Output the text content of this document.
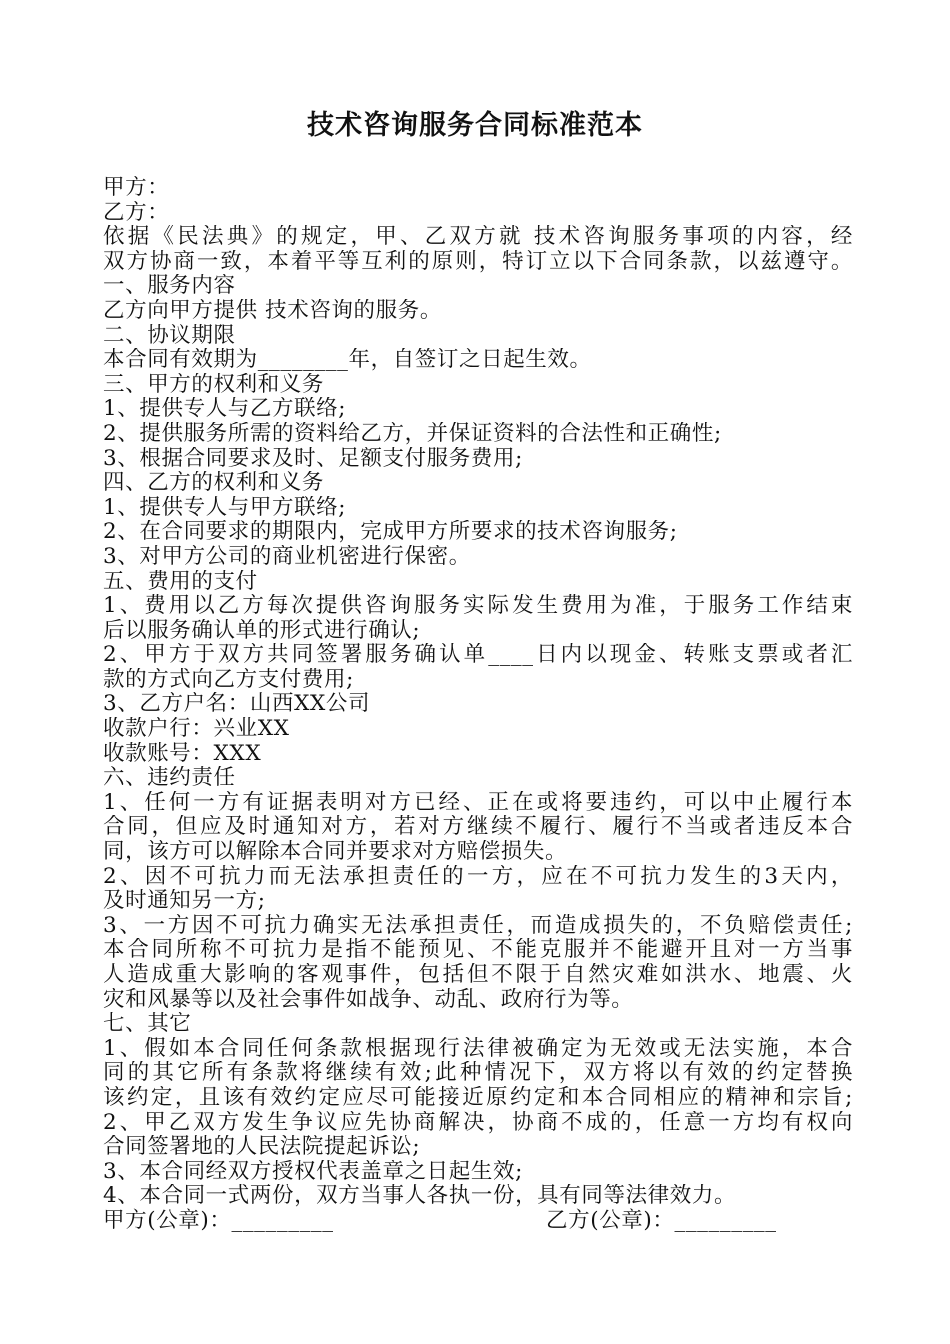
技术咨询服务合同标准范本
甲方：
乙方：
依据《民法典》的规定，甲、乙双方就 技术咨询服务事项的内容，经
双方协商一致，本着平等互利的原则，特订立以下合同条款，以兹遵守。
一、服务内容
乙方向甲方提供 技术咨询的服务。
二、协议期限
本合同有效期为________年，自签订之日起生效。
三、甲方的权利和义务
1、提供专人与乙方联络;
2、提供服务所需的资料给乙方，并保证资料的合法性和正确性;
3、根据合同要求及时、足额支付服务费用;
四、乙方的权利和义务
1、提供专人与甲方联络;
2、在合同要求的期限内，完成甲方所要求的技术咨询服务;
3、对甲方公司的商业机密进行保密。
五、费用的支付
1、费用以乙方每次提供咨询服务实际发生费用为准，于服务工作结束
后以服务确认单的形式进行确认;
2、甲方于双方共同签署服务确认单____日内以现金、转账支票或者汇
款的方式向乙方支付费用;
3、乙方户名：山西XX公司
收款户行：兴业XX
收款账号：XXX
六、违约责任
1、任何一方有证据表明对方已经、正在或将要违约，可以中止履行本
合同，但应及时通知对方，若对方继续不履行、履行不当或者违反本合
同，该方可以解除本合同并要求对方赔偿损失。
2、因不可抗力而无法承担责任的一方，应在不可抗力发生的3天内，
及时通知另一方;
3、一方因不可抗力确实无法承担责任，而造成损失的，不负赔偿责任;
本合同所称不可抗力是指不能预见、不能克服并不能避开且对一方当事
人造成重大影响的客观事件，包括但不限于自然灾难如洪水、地震、火
灾和风暴等以及社会事件如战争、动乱、政府行为等。
七、其它
1、假如本合同任何条款根据现行法律被确定为无效或无法实施，本合
同的其它所有条款将继续有效;此种情况下，双方将以有效的约定替换
该约定，且该有效约定应尽可能接近原约定和本合同相应的精神和宗旨;
2、甲乙双方发生争议应先协商解决，协商不成的，任意一方均有权向
合同签署地的人民法院提起诉讼;
3、本合同经双方授权代表盖章之日起生效;
4、本合同一式两份，双方当事人各执一份，具有同等法律效力。
甲方(公章)：_________	乙方(公章)：_________
